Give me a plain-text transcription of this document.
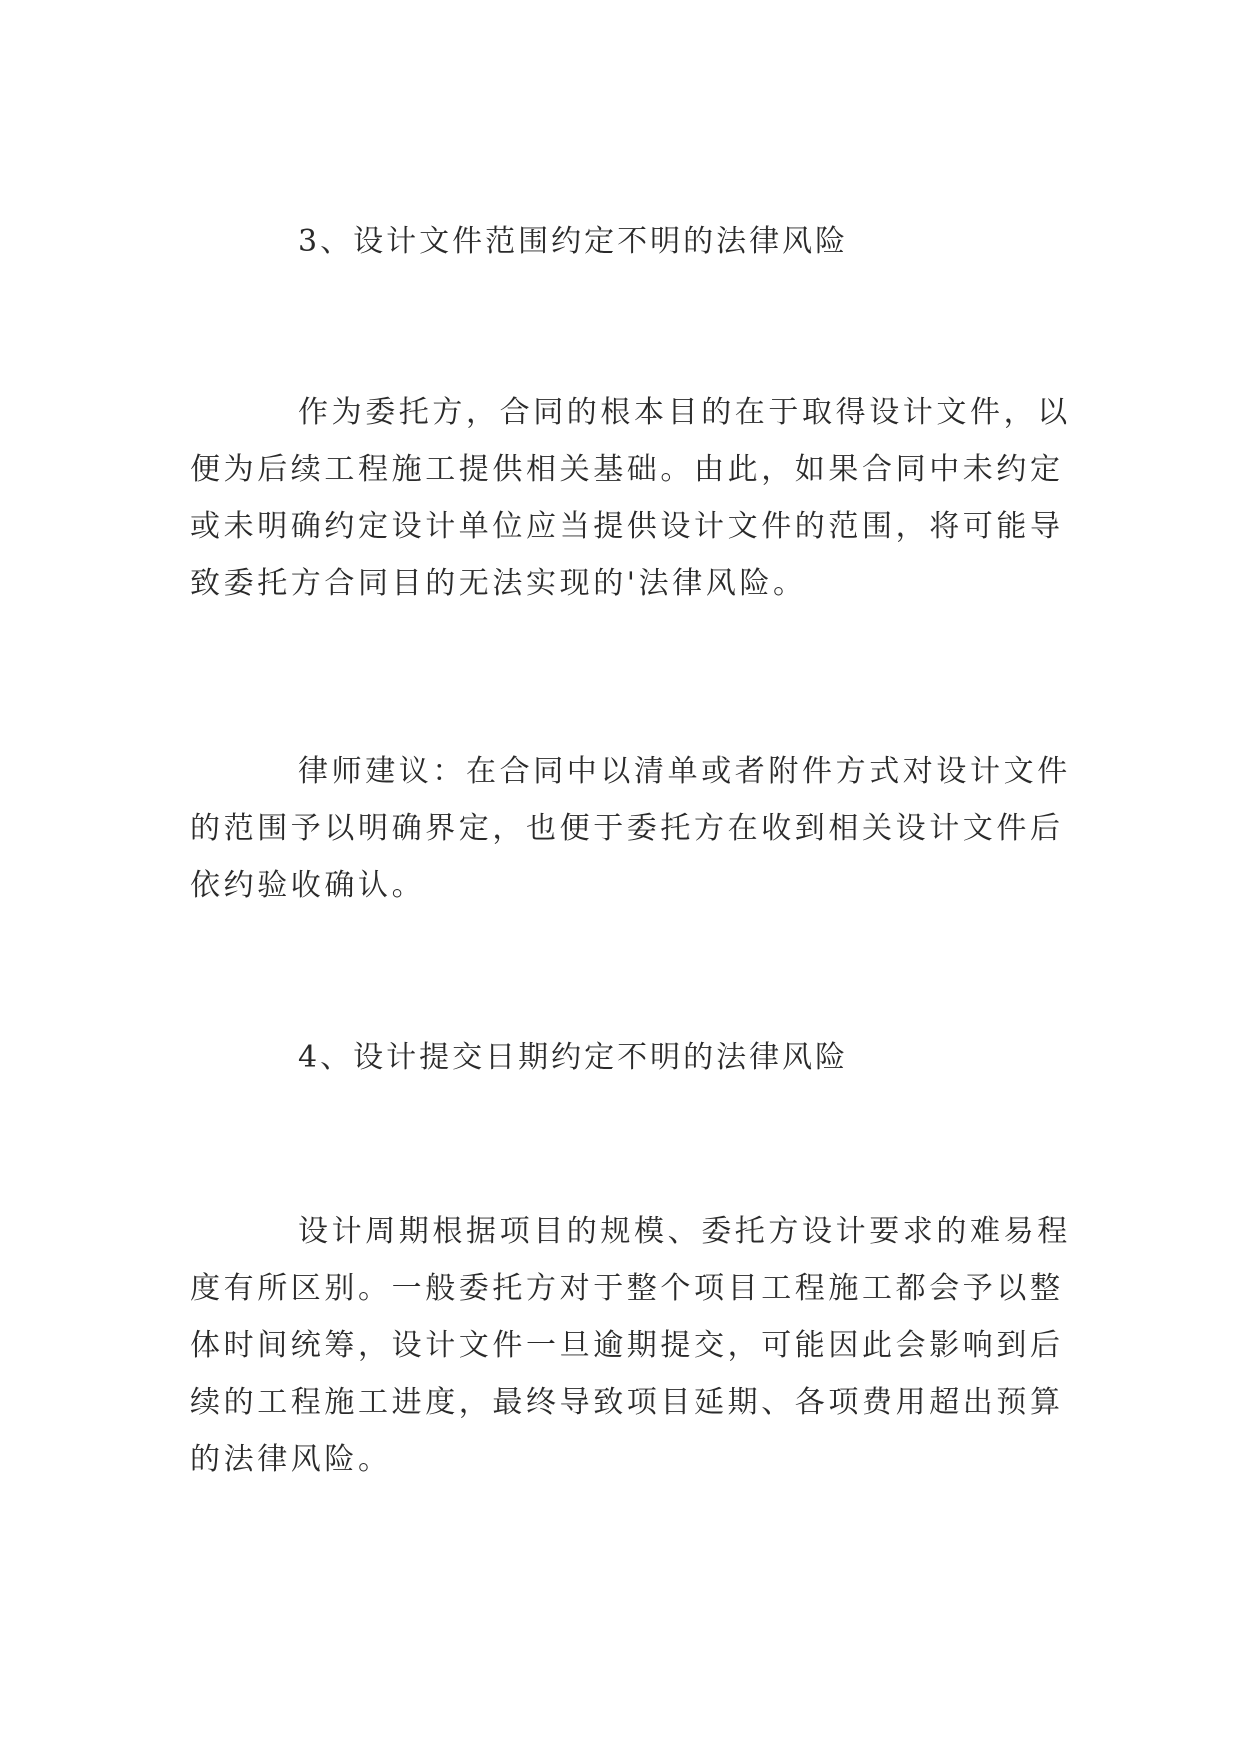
3、设计文件范围约定不明的法律风险
作为委托方，合同的根本目的在于取得设计文件，以
便为后续工程施工提供相关基础。由此，如果合同中未约定
或未明确约定设计单位应当提供设计文件的范围，将可能导
致委托方合同目的无法实现的'法律风险。
律师建议：在合同中以清单或者附件方式对设计文件
的范围予以明确界定，也便于委托方在收到相关设计文件后
依约验收确认。
4、设计提交日期约定不明的法律风险
设计周期根据项目的规模、委托方设计要求的难易程
度有所区别。一般委托方对于整个项目工程施工都会予以整
体时间统筹，设计文件一旦逾期提交，可能因此会影响到后
续的工程施工进度，最终导致项目延期、各项费用超出预算
的法律风险。
